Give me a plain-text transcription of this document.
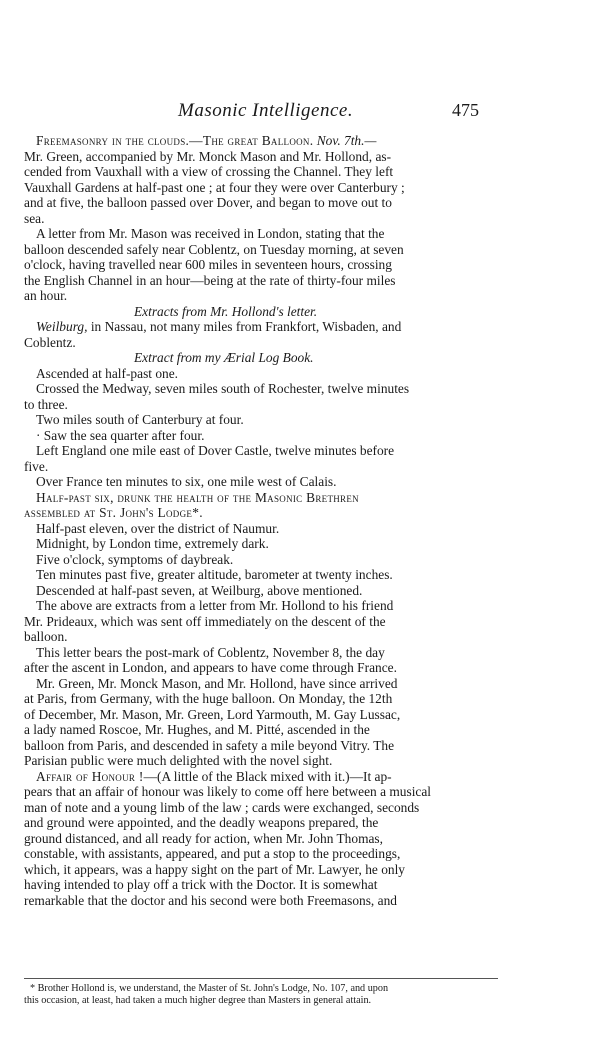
Masonic Intelligence.	475

Freemasonry in the clouds.—The great Balloon. Nov. 7th.—
Mr. Green, accompanied by Mr. Monck Mason and Mr. Hollond, as-
cended from Vauxhall with a view of crossing the Channel. They left
Vauxhall Gardens at half-past one ; at four they were over Canterbury ;
and at five, the balloon passed over Dover, and began to move out to
sea.

A letter from Mr. Mason was received in London, stating that the
balloon descended safely near Coblentz, on Tuesday morning, at seven
o'clock, having travelled near 600 miles in seventeen hours, crossing
the English Channel in an hour—being at the rate of thirty-four miles
an hour.

Extracts from Mr. Hollond's letter.

Weilburg, in Nassau, not many miles from Frankfort, Wisbaden, and
Coblentz.

Extract from my Ærial Log Book.

Ascended at half-past one.

Crossed the Medway, seven miles south of Rochester, twelve minutes
to three.

Two miles south of Canterbury at four.

· Saw the sea quarter after four.

Left England one mile east of Dover Castle, twelve minutes before
five.

Over France ten minutes to six, one mile west of Calais.

Half-past six, drunk the health of the Masonic Brethren
assembled at St. John's Lodge*.

Half-past eleven, over the district of Naumur.

Midnight, by London time, extremely dark.

Five o'clock, symptoms of daybreak.

Ten minutes past five, greater altitude, barometer at twenty inches.

Descended at half-past seven, at Weilburg, above mentioned.

The above are extracts from a letter from Mr. Hollond to his friend
Mr. Prideaux, which was sent off immediately on the descent of the
balloon.

This letter bears the post-mark of Coblentz, November 8, the day
after the ascent in London, and appears to have come through France.

Mr. Green, Mr. Monck Mason, and Mr. Hollond, have since arrived
at Paris, from Germany, with the huge balloon. On Monday, the 12th
of December, Mr. Mason, Mr. Green, Lord Yarmouth, M. Gay Lussac,
a lady named Roscoe, Mr. Hughes, and M. Pitté, ascended in the
balloon from Paris, and descended in safety a mile beyond Vitry. The
Parisian public were much delighted with the novel sight.

Affair of Honour !—(A little of the Black mixed with it.)—It ap-
pears that an affair of honour was likely to come off here between a musical
man of note and a young limb of the law ; cards were exchanged, seconds
and ground were appointed, and the deadly weapons prepared, the
ground distanced, and all ready for action, when Mr. John Thomas,
constable, with assistants, appeared, and put a stop to the proceedings,
which, it appears, was a happy sight on the part of Mr. Lawyer, he only
having intended to play off a trick with the Doctor. It is somewhat
remarkable that the doctor and his second were both Freemasons, and

* Brother Hollond is, we understand, the Master of St. John's Lodge, No. 107, and upon
this occasion, at least, had taken a much higher degree than Masters in general attain.
